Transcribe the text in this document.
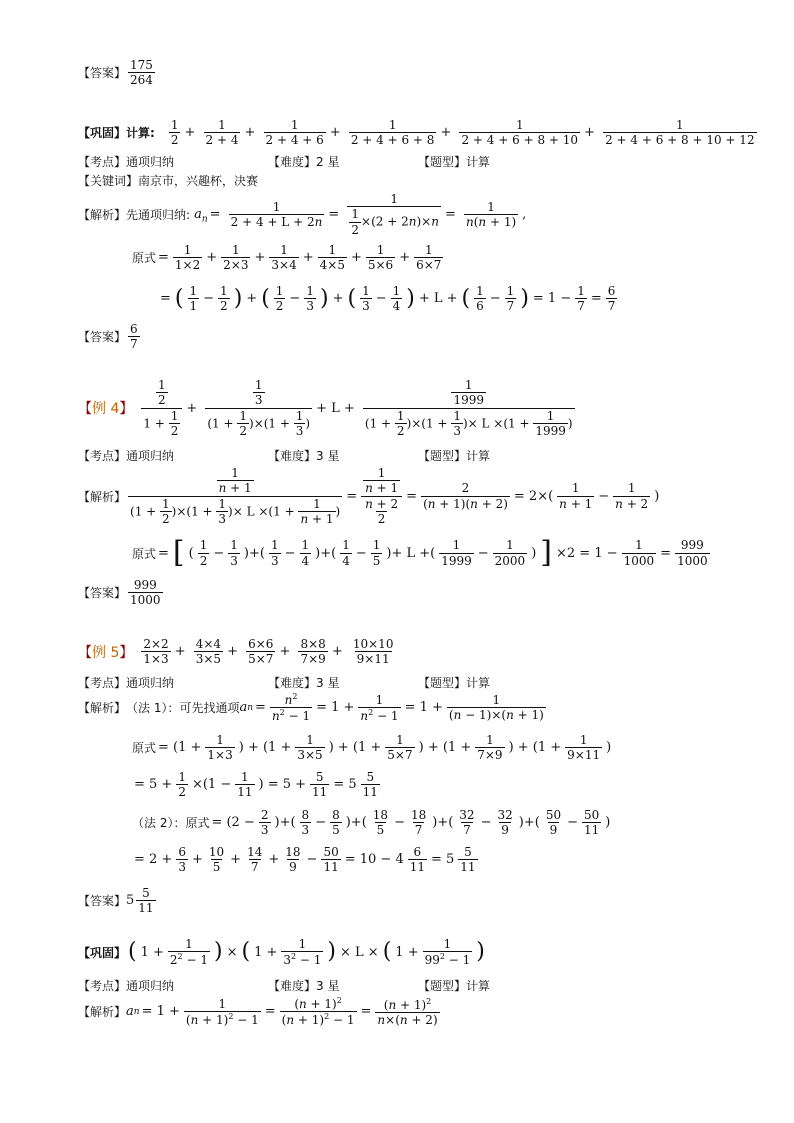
【答案】
175
264
【巩固】 计算: $\frac{1}{2} + \frac{1}{2 + 4} + \frac{1}{2 + 4 + 6} + \frac{1}{2 + 4 + 6 + 8} + \frac{1}{2 + 4 + 6 + 8 + 10} + \frac{1}{2 + 4 + 6 + 8 + 10 + 12}$
【考点】 通项归纳	【难度】 2 星	【题型】 计算
【关键词】 南京市，兴趣杯，决赛
【解析】 先通项归纳: $a_n = \frac{1}{2 + 4 + L + 2n} = \frac{1}{\frac{1}{2} \times(2 + 2n)\times n} = \frac{1}{n(n + 1)}$ ,
原式 = $\frac{1}{1\times 2} + \frac{1}{2\times 3} + \frac{1}{3\times 4} + \frac{1}{4\times 5} + \frac{1}{5\times 6} + \frac{1}{6\times 7}$
= ( 1
$1 - \frac{1}{2}$ ) + ( 1
$2 - \frac{1}{3}$ ) + ( 1
$3 - \frac{1}{4}$ ) + L + ( 1
$6 - \frac{1}{7}$ ) = $1 - \frac{1}{7} = \frac{6}{7}$
【答案】
6
7
【例 4】 $\frac{\frac{1}{2}}{1 + \frac{1}{2}} + \frac{\frac{1}{3}}{(1 + \frac{1}{2} )\times(1 + \frac{1}{3} )} + L + \frac{\frac{1}{1999}}{(1 + \frac{1}{2} )\times(1 + \frac{1}{3} )\times L \times(1 + \frac{1}{1999} )}$
【考点】 通项归纳	【难度】 3 星	【题型】 计算
【解析】 $\frac{\frac{1}{n + 1}}{(1 + \frac{1}{2} )\times(1 + \frac{1}{3} )\times L \times(1 + \frac{1}{n + 1} )} = \frac{\frac{1}{n + 1}}{\frac{n + 2}{2}} = \frac{2}{(n + 1)(n + 2)} = 2\times$(
1
$n + 1 - \frac{1}{n + 2}$ )
原式 = [ (
1
$2 - \frac{1}{3}$ )+(
1
$3 - \frac{1}{4}$ )+(
1
$4 - \frac{1}{5}$ )+ L +(
1
$1999 - \frac{1}{2000}$ ) ] $\times 2 = 1 - \frac{1}{1000} = \frac{999}{1000}$
【答案】
999
1000
【例 5】 $\frac{2\times 2}{1\times 3} + \frac{4\times 4}{3\times 5} + \frac{6\times 6}{5\times 7} + \frac{8\times 8}{7\times 9} + \frac{10\times 10}{9\times 11}$
【考点】 通项归纳	【难度】 3 星	【题型】 计算
【解析】 （法 1）：可先找通项 a $n = \frac{n^2}{n^2 - 1} = 1 + \frac{1}{n^2 - 1} = 1 + \frac{1}{(n - 1)\times(n + 1)}$
原式 = ($1 + \frac{1}{1\times 3}$ ) + ($1 + \frac{1}{3\times 5}$ ) + ($1 + \frac{1}{5\times 7}$ ) + ($1 + \frac{1}{7\times 9}$ ) + ($1 + \frac{1}{9\times 11}$ )
= $5 + \frac{1}{2} \times(1 - \frac{1}{11}$ ) = $5 + \frac{5}{11} = 5$
5
11
（法 2）：原式 = ($2 - \frac{2}{3}$ )+(
8
$3 - \frac{8}{5}$ )+(
18
$5 - \frac{18}{7}$ )+(
32
$7 - \frac{32}{9}$ )+(
50
$9 - \frac{50}{11}$ )
= $2 + \frac{6}{3} + \frac{10}{5} + \frac{14}{7} + \frac{18}{9} - \frac{50}{11} = 10 - 4 \frac{6}{11} = 5$
5
11
【答案】 5
5
11
【巩固】 ( $1 + \frac{1}{2^2 - 1}$ ) × ( $1 + \frac{1}{3^2 - 1}$ ) × L × ( $1 + \frac{1}{99^2 - 1}$ )
【考点】 通项归纳	【难度】 3 星	【题型】 计算
【解析】 a $n = 1 + \frac{1}{(n + 1)^2 - 1} = \frac{(n + 1)^2}{(n + 1)^2 - 1} = \frac{(n + 1)^2}{n\times(n + 2)}$
